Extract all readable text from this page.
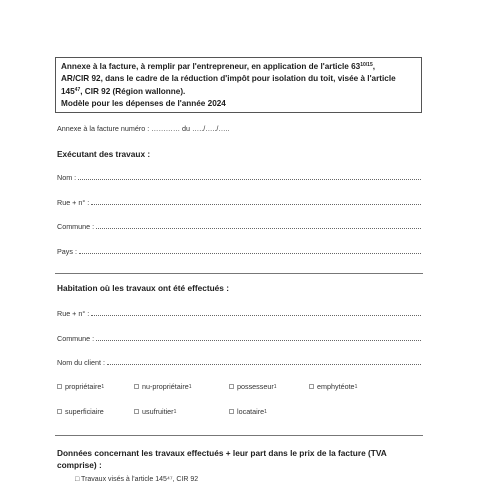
Annexe à la facture, à remplir par l'entrepreneur, en application de l'article $63^{10/15}$,
AR/CIR 92, dans le cadre de la réduction d'impôt pour isolation du toit, visée à l'article
$145^{47}$, CIR 92 (Région wallonne).
Modèle pour les dépenses de l'année 2024
Annexe à la facture numéro : ………… du …../…../…..
Exécutant des travaux :
Nom :
Rue + n° :
Commune :
Pays :
Habitation où les travaux ont été effectués :
Rue + n° :
Commune :
Nom du client :
propriétaire 1	nu-propriétaire 1	possesseur 1	emphytéote 1
superficiaire	usufruitier 1	locataire 1
Données concernant les travaux effectués + leur part dans le prix de la facture (TVA comprise) :
□ Travaux visés à l'article 145⁴⁷, CIR 92
